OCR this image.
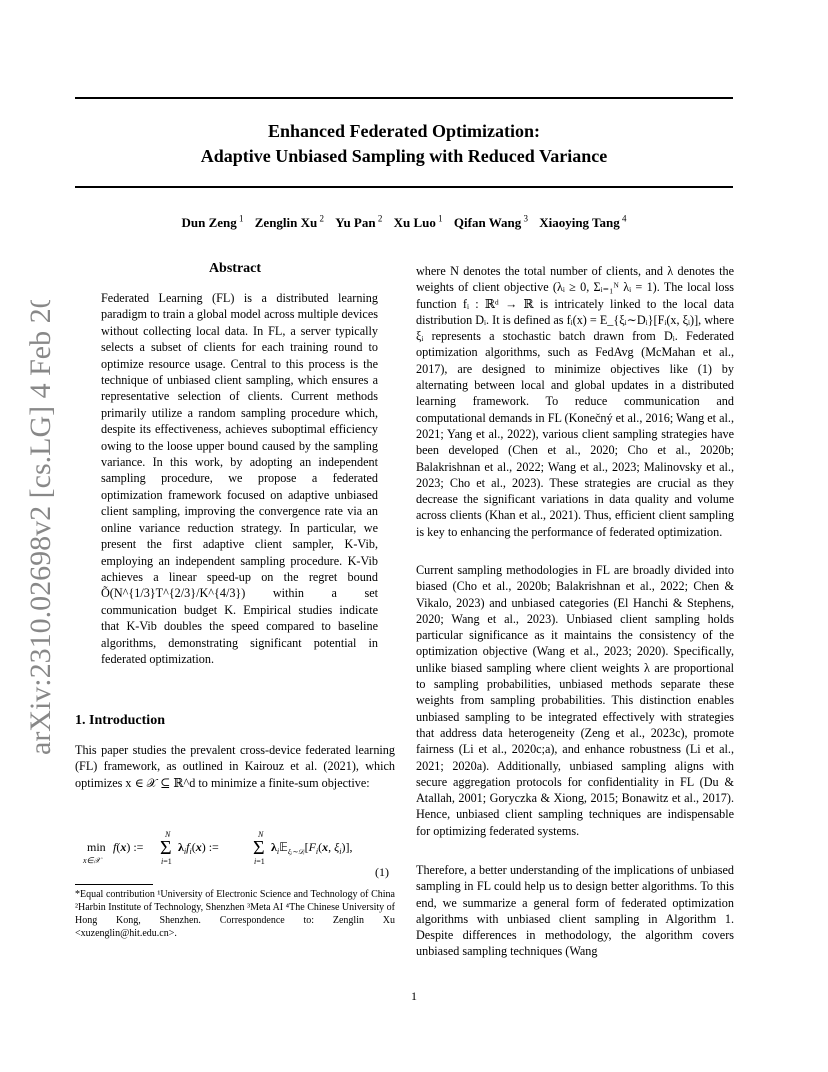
arXiv:2310.02698v2 [cs.LG] 4 Feb 2024
Enhanced Federated Optimization:
Adaptive Unbiased Sampling with Reduced Variance
Dun Zeng $^1$ Zenglin Xu $^2$ Yu Pan $^2$ Xu Luo $^1$ Qifan Wang $^3$ Xiaoying Tang $^4$
Abstract

Federated Learning (FL) is a distributed learning paradigm to train a global model across multiple devices without collecting local data. In FL, a server typically selects a subset of clients for each training round to optimize resource usage. Central to this process is the technique of unbiased client sampling, which ensures a representative selection of clients. Current methods primarily utilize a random sampling procedure which, despite its effectiveness, achieves suboptimal efficiency owing to the loose upper bound caused by the sampling variance. In this work, by adopting an independent sampling procedure, we propose a federated optimization framework focused on adaptive unbiased client sampling, improving the convergence rate via an online variance reduction strategy. In particular, we present the first adaptive client sampler, K-Vib, employing an independent sampling procedure. K-Vib achieves a linear speed-up on the regret bound Õ(N^{1/3}T^{2/3}/K^{4/3}) within a set communication budget K. Empirical studies indicate that K-Vib doubles the speed compared to baseline algorithms, demonstrating significant potential in federated optimization.

1. Introduction

This paper studies the prevalent cross-device federated learning (FL) framework, as outlined in Kairouz et al. (2021), which optimizes x ∈ 𝒳 ⊆ ℝ^d to minimize a finite-sum objective:

min
x∈𝒳
f(x) :=
N
Σ
i=1
$\lambda_if_i(x)$ :=
N
Σ
i=1
$\lambda_i𝔼_{\xi ᵢ\sim 𝒟ᵢ}[F_i(x$, $\xi_i$)],
(1)
*Equal contribution ¹University of Electronic Science and Technology of China ²Harbin Institute of Technology, Shenzhen ³Meta AI ⁴The Chinese University of Hong Kong, Shenzhen. Correspondence to: Zenglin Xu <xuzenglin@hit.edu.cn>.

where N denotes the total number of clients, and λ denotes the weights of client objective (λᵢ ≥ 0, Σᵢ₌₁ᴺ λᵢ = 1). The local loss function fᵢ : ℝᵈ → ℝ is intricately linked to the local data distribution Dᵢ. It is defined as fᵢ(x) = E_{ξᵢ∼Dᵢ}[Fᵢ(x, ξᵢ)], where ξᵢ represents a stochastic batch drawn from Dᵢ. Federated optimization algorithms, such as FedAvg (McMahan et al., 2017), are designed to minimize objectives like (1) by alternating between local and global updates in a distributed learning framework. To reduce communication and computational demands in FL (Konečný et al., 2016; Wang et al., 2021; Yang et al., 2022), various client sampling strategies have been developed (Chen et al., 2020; Cho et al., 2020b; Balakrishnan et al., 2022; Wang et al., 2023; Malinovsky et al., 2023; Cho et al., 2023). These strategies are crucial as they decrease the significant variations in data quality and volume across clients (Khan et al., 2021). Thus, efficient client sampling is key to enhancing the performance of federated optimization.

Current sampling methodologies in FL are broadly divided into biased (Cho et al., 2020b; Balakrishnan et al., 2022; Chen & Vikalo, 2023) and unbiased categories (El Hanchi & Stephens, 2020; Wang et al., 2023). Unbiased client sampling holds particular significance as it maintains the consistency of the optimization objective (Wang et al., 2023; 2020). Specifically, unlike biased sampling where client weights λ are proportional to sampling probabilities, unbiased methods separate these weights from sampling probabilities. This distinction enables unbiased sampling to be integrated effectively with strategies that address data heterogeneity (Zeng et al., 2023c), promote fairness (Li et al., 2020c;a), and enhance robustness (Li et al., 2021; 2020a). Additionally, unbiased sampling aligns with secure aggregation protocols for confidentiality in FL (Du & Atallah, 2001; Goryczka & Xiong, 2015; Bonawitz et al., 2017). Hence, unbiased client sampling techniques are indispensable for optimizing federated systems.

Therefore, a better understanding of the implications of unbiased sampling in FL could help us to design better algorithms. To this end, we summarize a general form of federated optimization algorithms with unbiased client sampling in Algorithm 1. Despite differences in methodology, the algorithm covers unbiased sampling techniques (Wang

1
